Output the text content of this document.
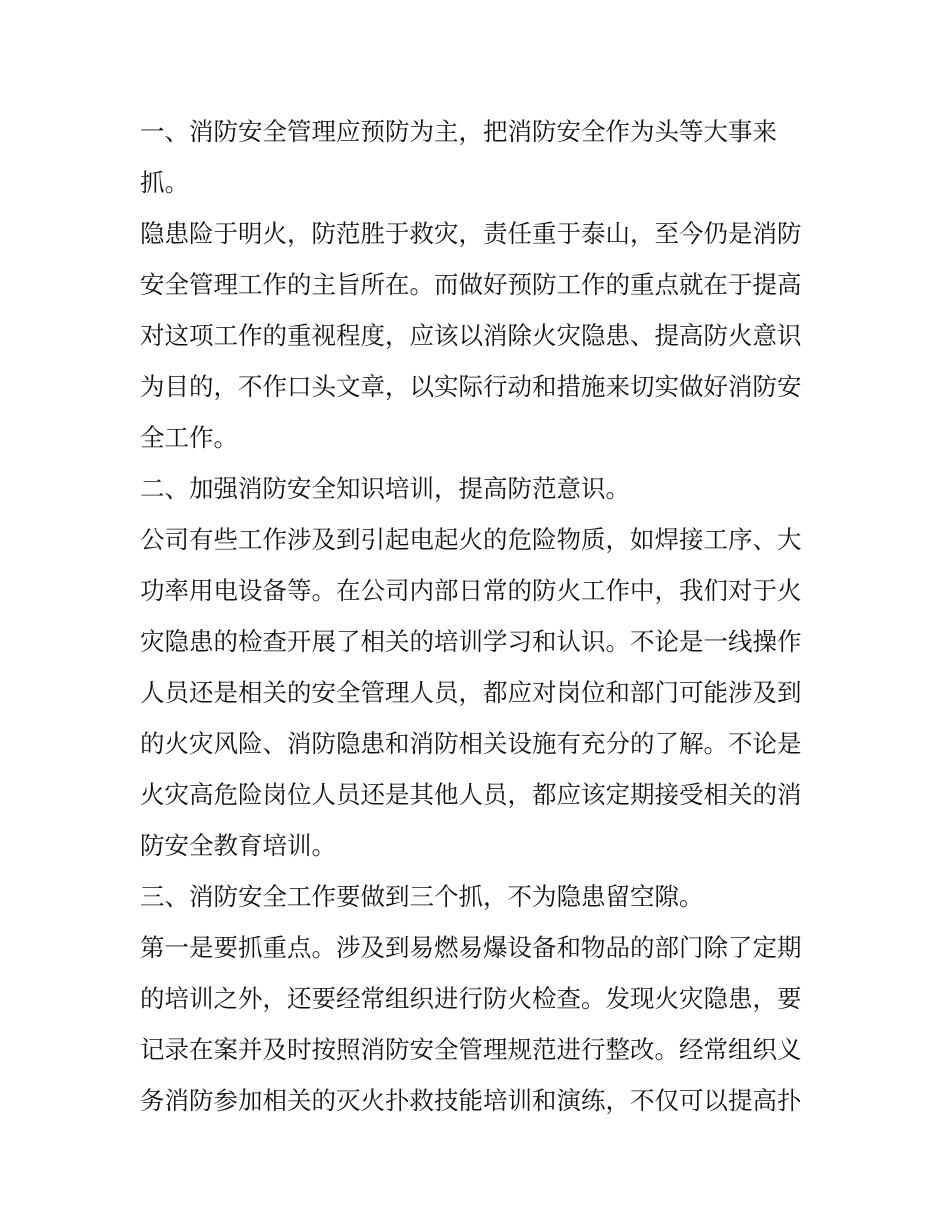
一、消防安全管理应预防为主，把消防安全作为头等大事来
抓。
隐患险于明火，防范胜于救灾，责任重于泰山，至今仍是消防
安全管理工作的主旨所在。而做好预防工作的重点就在于提高
对这项工作的重视程度，应该以消除火灾隐患、提高防火意识
为目的，不作口头文章，以实际行动和措施来切实做好消防安
全工作。
二、加强消防安全知识培训，提高防范意识。
公司有些工作涉及到引起电起火的危险物质，如焊接工序、大
功率用电设备等。在公司内部日常的防火工作中，我们对于火
灾隐患的检查开展了相关的培训学习和认识。不论是一线操作
人员还是相关的安全管理人员，都应对岗位和部门可能涉及到
的火灾风险、消防隐患和消防相关设施有充分的了解。不论是
火灾高危险岗位人员还是其他人员，都应该定期接受相关的消
防安全教育培训。
三、消防安全工作要做到三个抓，不为隐患留空隙。
第一是要抓重点。涉及到易燃易爆设备和物品的部门除了定期
的培训之外，还要经常组织进行防火检查。发现火灾隐患，要
记录在案并及时按照消防安全管理规范进行整改。经常组织义
务消防参加相关的灭火扑救技能培训和演练，不仅可以提高扑
